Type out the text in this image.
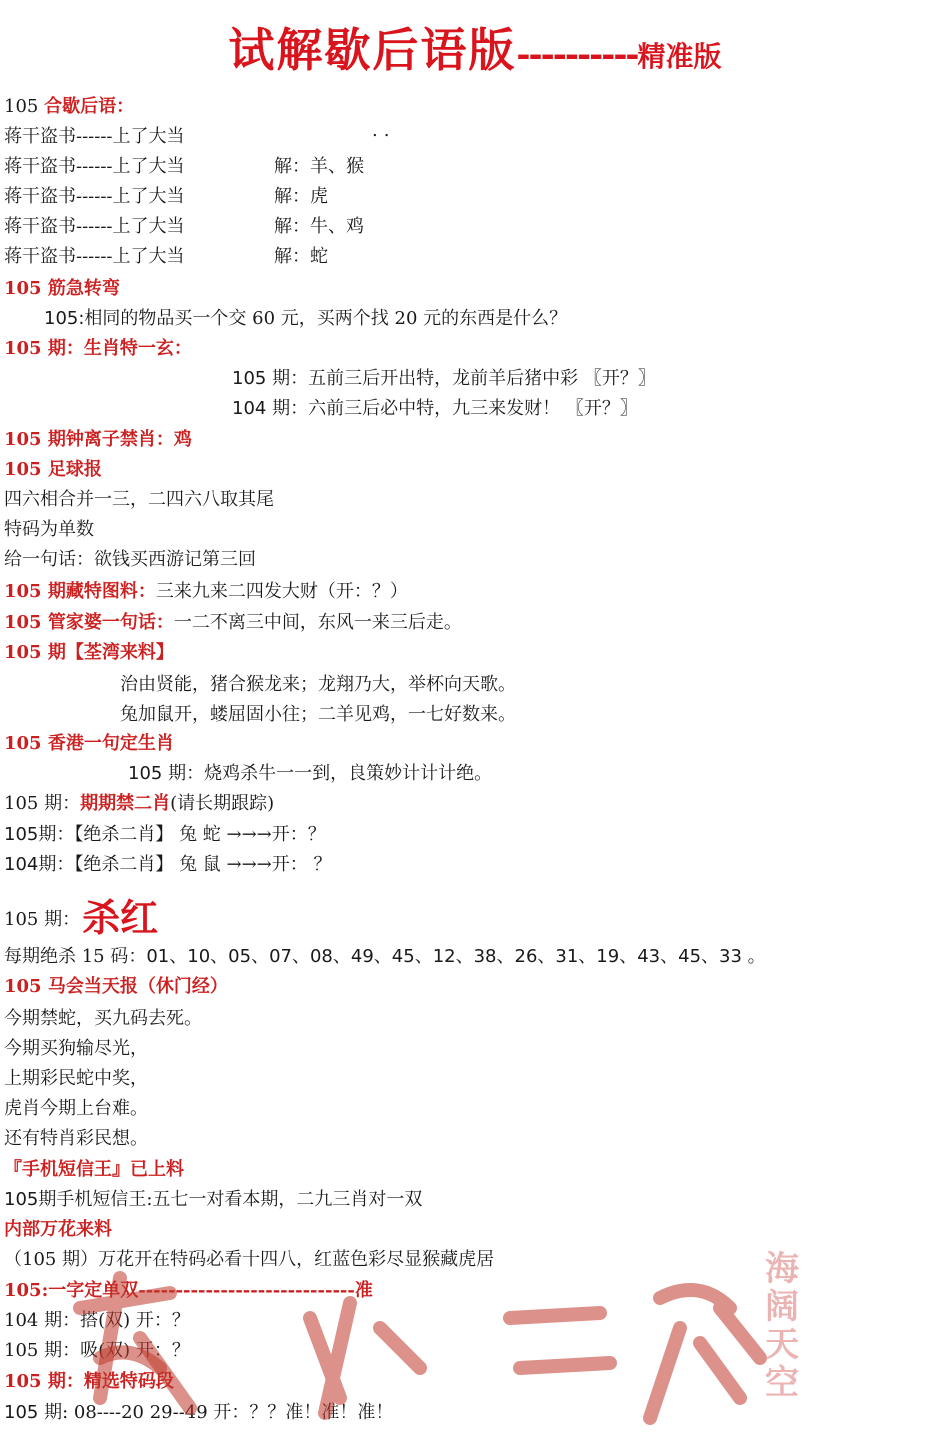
试解歇后语版----------精准版
105 合歇后语：
蒋干盗书------上了大当	..
蒋干盗书------上了大当	解：羊、猴
蒋干盗书------上了大当	解：虎
蒋干盗书------上了大当	解：牛、鸡
蒋干盗书------上了大当	解：蛇
105 筋急转弯
105:相同的物品买一个交 60 元，买两个找 20 元的东西是什么？
105 期：生肖特一玄：
105 期：五前三后开出特，龙前羊后猪中彩 〖开？〗
104 期：六前三后必中特，九三来发财！ 〖开？〗
105 期钟离子禁肖：鸡
105 足球报
四六相合并一三，二四六八取其尾
特码为单数
给一句话：欲钱买西游记第三回
105 期藏特图料：三来九来二四发大财（开：？）
105 管家婆一句话：一二不离三中间，东风一来三后走。
105 期【荃湾来料】
治由贤能，猪合猴龙来；龙翔乃大，举杯向天歌。
兔加鼠开，蝼屈固小往；二羊见鸡，一七好数来。
105 香港一句定生肖
105 期：烧鸡杀牛一一到，良策妙计计计绝。
105 期：期期禁二肖(请长期跟踪)
105期：【绝杀二肖】 兔 蛇 →→→开：？
104期：【绝杀二肖】 兔 鼠 →→→开： ？
105 期：杀红
每期绝杀 15 码：01、10、05、07、08、49、45、12、38、26、31、19、43、45、33 。
105 马会当天报（休门经）
今期禁蛇，买九码去死。
今期买狗输尽光，
上期彩民蛇中奖，
虎肖今期上台难。
还有特肖彩民想。
『手机短信王』已上料
105期手机短信王:五七一对看本期，二九三肖对一双
内部万花来料
（105 期）万花开在特码必看十四八，红蓝色彩尽显猴藏虎居
105:一字定单双-----------------------------准
104 期：搭(双) 开：？
105 期：吸(双) 开：？
105 期：精选特码段
105 期: 08----20 29--49 开：？？准！准！准！
海
阔
天
空
